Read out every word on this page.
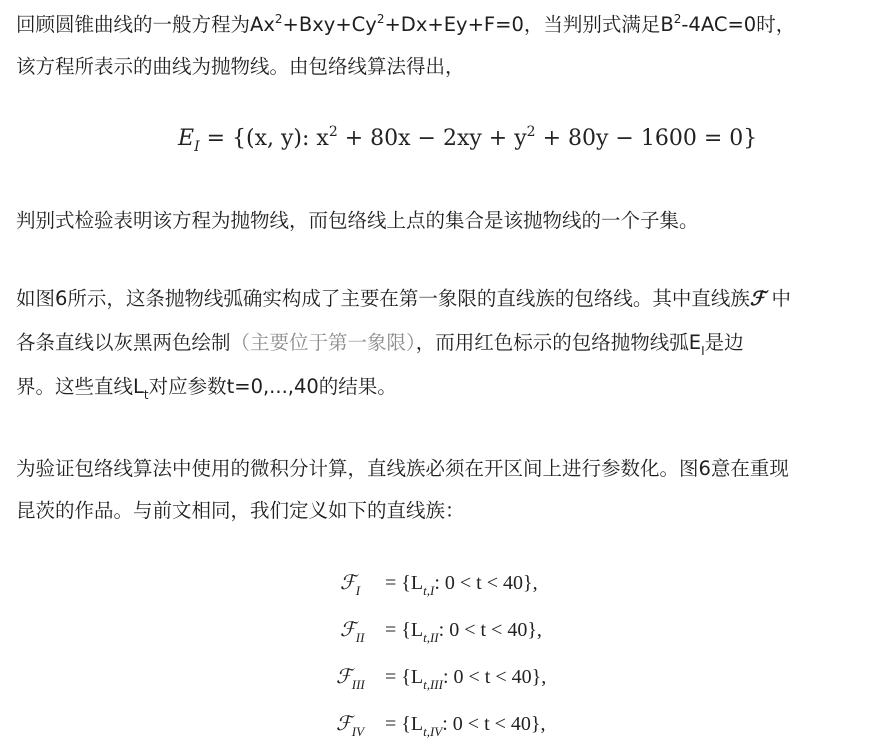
回顾圆锥曲线的一般方程为$Ax^2+Bxy+Cy^2+Dx+Ey+F=0$，当判别式满足$B^2-4AC=0$时，
该方程所表示的曲线为抛物线。由包络线算法得出，
$E_I = \{(x$, y): $x^2 + 80x - 2xy + y^2 + 80y - 1600 = 0$}
判别式检验表明该方程为抛物线，而包络线上点的集合是该抛物线的一个子集。
如图6所示，这条抛物线弧确实构成了主要在第一象限的直线族的包络线。其中直线族ℱ 中
各条直线以灰黑两色绘制（主要位于第一象限），而用红色标示的包络抛物线弧$E_I$是边
界。这些直线$L_t$对应参数t=0,...,40的结果。
为验证包络线算法中使用的微积分计算，直线族必须在开区间上进行参数化。图6意在重现
昆茨的作品。与前文相同，我们定义如下的直线族：
ℱ$_I$ = {$L_{t,I}$: 0 < t < 40},
ℱ$_{II}$ = {$L_{t,II}$: 0 < t < 40},
ℱ$_{III}$ = {$L_{t,III}$: 0 < t < 40},
ℱ$_{IV}$ = {$L_{t,IV}$: 0 < t < 40},
